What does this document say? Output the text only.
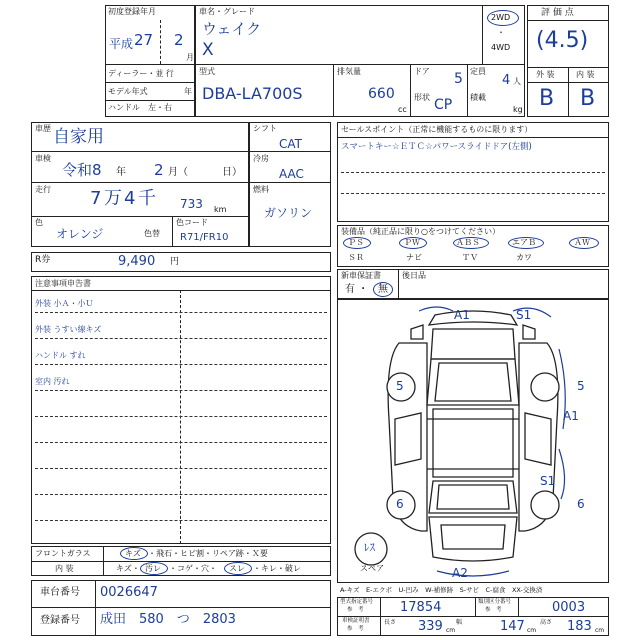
初度登録年月
平成 27 2
月
ディーラー・並 行
モデル年式	年
ハンドル　左・右
車名・グレード
ウェイク
X
2WD
・
4WD
型式
DBA-LA700S
排気量
660
cc
ドア 5
形状 CP
定員
4 人
積載
kg
評 価 点
(4.5)
外 装	内 装
B B
車歴 自家用
車検
令和8 年 2 月（	日）
走行 7 万 4 千 733 km
色
オレンジ	色替
色コード
R71/FR10
シフト
CAT
冷房
AAC
燃料
ガソリン
セールスポイント（正常に機能するものに限ります）
スマートキー☆ＥＴＣ☆パワースライドドア(左側)
装備品（純正品に限り○をつけてください）
ＰＳ	ＰＷ	ＡＢＳ	エアＢ	ＡＷ
ＳＲ	ナビ	ＴＶ	カワ
新車保証書
有 ・ 無
後日品
R券	9,490 円
注意事項申告書
外装 小Ａ・小Ｕ
外装 うすい線キズ
ハンドル すれ
室内 汚れ
フロントガラス	キズ ・飛石・ヒビ割・リペア跡・Ｘ要
内 装	キズ・ 汚レ ・コゲ・穴・ スレ ・キレ・破レ
A1	S1
5	5
A1
S1
6	6
A2
ﾚｽ
スペア
車台番号 0026647
登録番号 成田　580　つ　2803
A-キズ　E-エクボ　U-凹み　W-補修跡　S-サビ　C-腐食　XX-交換済
型式指定番号
参　考	17854	類別区分番号
参　考	0003
車検証明書
参　考
長さ 339 cm
幅	147 cm
高さ 183 cm
